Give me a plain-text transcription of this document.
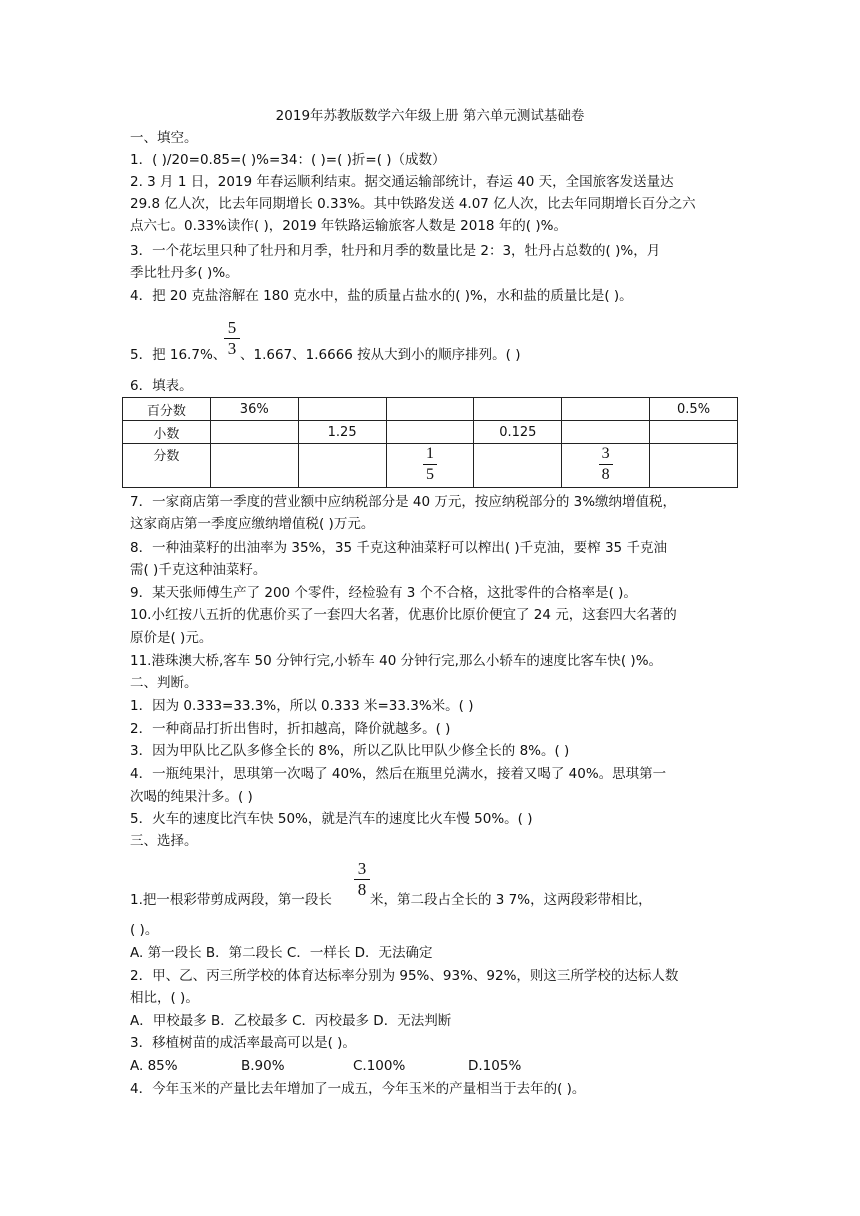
2019年苏教版数学六年级上册 第六单元测试基础卷
一、填空。
1．( )/20=0.85=( )%=34：( )=( )折=( )（成数）
2. 3 月 1 日，2019 年春运顺利结束。据交通运输部统计，春运 40 天，全国旅客发送量达
29.8 亿人次，比去年同期增长 0.33%。其中铁路发送 4.07 亿人次，比去年同期增长百分之六
点六七。0.33%读作( )，2019 年铁路运输旅客人数是 2018 年的( )%。
3．一个花坛里只种了牡丹和月季，牡丹和月季的数量比是 2：3，牡丹占总数的( )%，月
季比牡丹多( )%。
4．把 20 克盐溶解在 180 克水中，盐的质量占盐水的( )%，水和盐的质量比是( )。
5．把 16.7%、
5
3 、1.667、1.6666 按从大到小的顺序排列。( )
6．填表。
百分数	36%					0.5%
小数		1.25		0.125		
分数			$\frac{1}{5}$		$\frac{3}{8}$

7．一家商店第一季度的营业额中应纳税部分是 40 万元，按应纳税部分的 3%缴纳增值税，
这家商店第一季度应缴纳增值税( )万元。
8．一种油菜籽的出油率为 35%，35 千克这种油菜籽可以榨出( )千克油，要榨 35 千克油
需( )千克这种油菜籽。
9．某天张师傅生产了 200 个零件，经检验有 3 个不合格，这批零件的合格率是( )。
10.小红按八五折的优惠价买了一套四大名著，优惠价比原价便宜了 24 元，这套四大名著的
原价是( )元。
11.港珠澳大桥,客车 50 分钟行完,小轿车 40 分钟行完,那么小轿车的速度比客车快( )%。
二、判断。
1．因为 0.333=33.3%，所以 0.333 米=33.3%米。( )
2．一种商品打折出售时，折扣越高，降价就越多。( )
3．因为甲队比乙队多修全长的 8%，所以乙队比甲队少修全长的 8%。( )
4．一瓶纯果汁，思琪第一次喝了 40%，然后在瓶里兑满水，接着又喝了 40%。思琪第一
次喝的纯果汁多。( )
5．火车的速度比汽车快 50%，就是汽车的速度比火车慢 50%。( )
三、选择。
1.把一根彩带剪成两段，第一段长
3
8
米，第二段占全长的 3 7%，这两段彩带相比，
( )。
A. 第一段长 B．第二段长 C．一样长 D．无法确定
2．甲、乙、丙三所学校的体育达标率分别为 95%、93%、92%，则这三所学校的达标人数
相比，( )。
A．甲校最多 B．乙校最多 C．丙校最多 D．无法判断
3．移植树苗的成活率最高可以是( )。
A. 85%	B.90%	C.100%	D.105%
4．今年玉米的产量比去年增加了一成五，今年玉米的产量相当于去年的( )。
